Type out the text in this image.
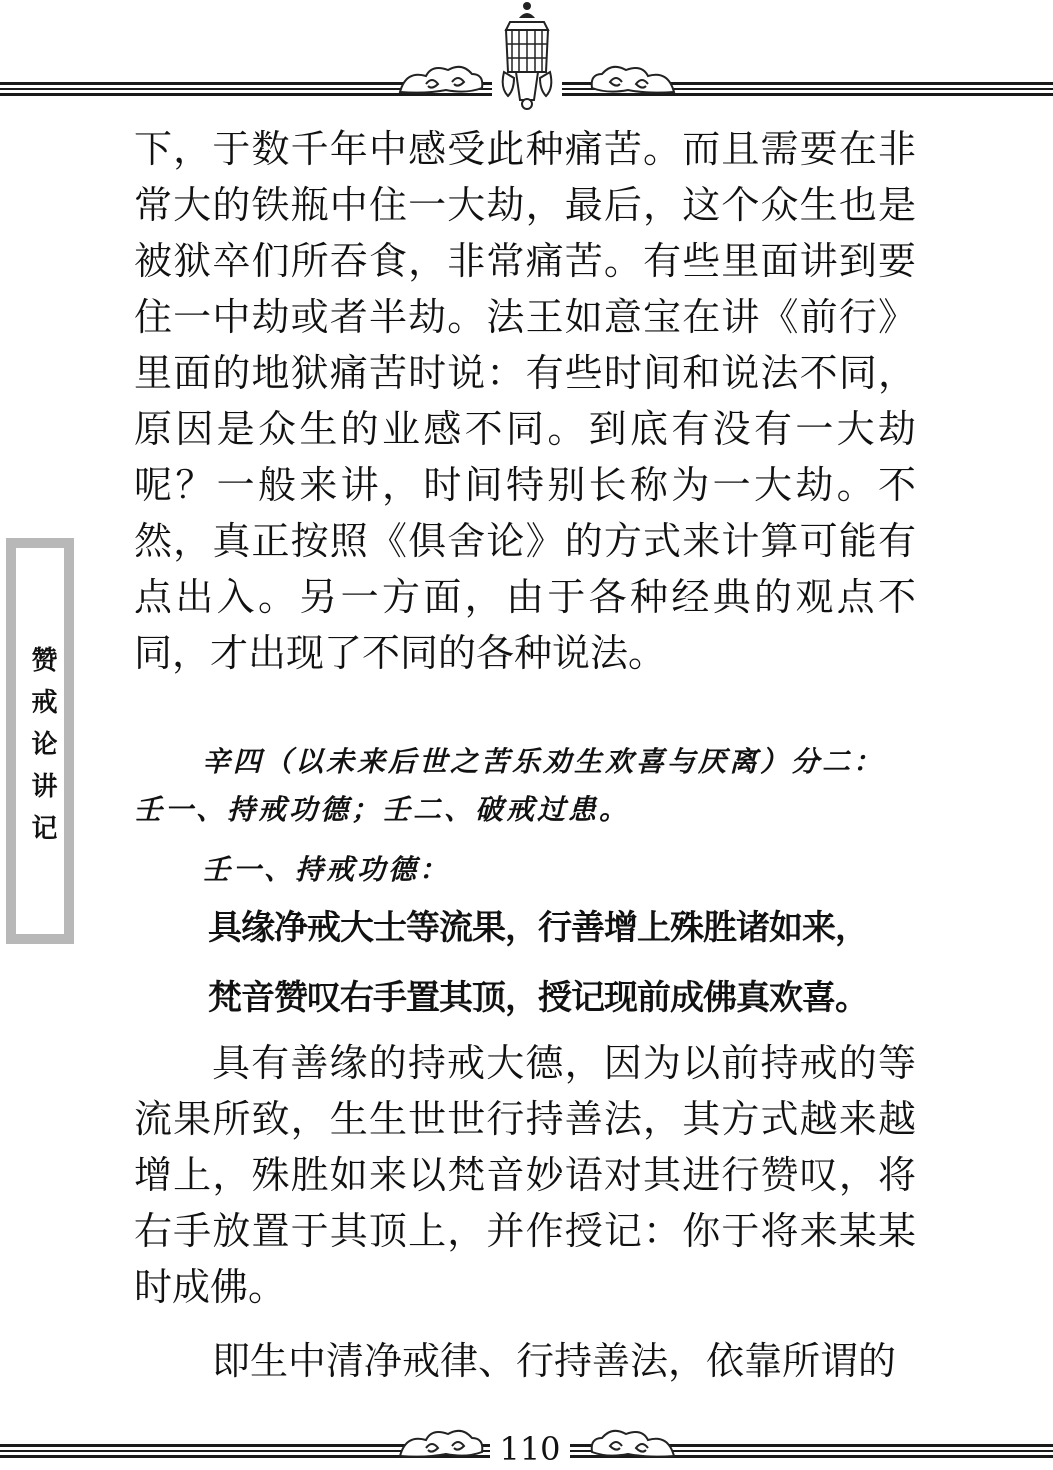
赞戒论讲记

下，于数千年中感受此种痛苦。而且需要在非常大的铁瓶中住一大劫，最后，这个众生也是被狱卒们所吞食，非常痛苦。有些里面讲到要住一中劫或者半劫。法王如意宝在讲《前行》里面的地狱痛苦时说：有些时间和说法不同，原因是众生的业感不同。到底有没有一大劫呢？一般来讲，时间特别长称为一大劫。不然，真正按照《俱舍论》的方式来计算可能有点出入。另一方面，由于各种经典的观点不同，才出现了不同的各种说法。

辛四（以未来后世之苦乐劝生欢喜与厌离）分二：

壬一、持戒功德；壬二、破戒过患。

壬一、持戒功德：

具缘净戒大士等流果，行善增上殊胜诸如来，

梵音赞叹右手置其顶，授记现前成佛真欢喜。

具有善缘的持戒大德，因为以前持戒的等流果所致，生生世世行持善法，其方式越来越增上，殊胜如来以梵音妙语对其进行赞叹，将右手放置于其顶上，并作授记：你于将来某某时成佛。

即生中清净戒律、行持善法，依靠所谓的

110
